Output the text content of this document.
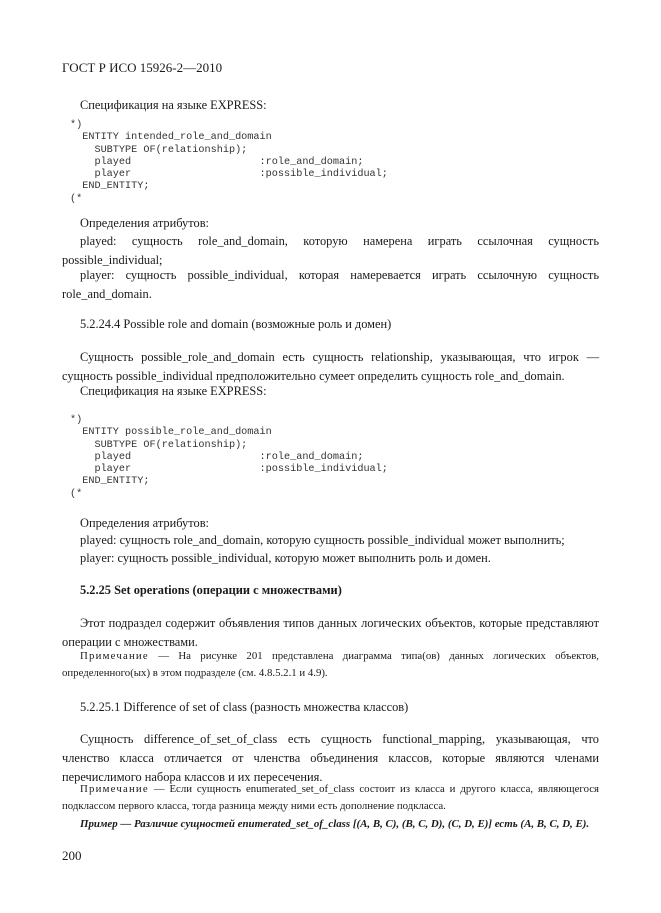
ГОСТ Р ИСО 15926-2—2010
Спецификация на языке EXPRESS:
*)
ENTITY intended_role_and_domain
SUBTYPE OF(relationship);
played                     :role_and_domain;
player                     :possible_individual;
END_ENTITY;
(*
Определения атрибутов:
played: сущность role_and_domain, которую намерена играть ссылочная сущность possible_individual;
player: сущность possible_individual, которая намеревается играть ссылочную сущность role_and_domain.
5.2.24.4 Possible role and domain (возможные роль и домен)
Сущность possible_role_and_domain есть сущность relationship, указывающая, что игрок — сущность possible_individual предположительно сумеет определить сущность role_and_domain.
Спецификация на языке EXPRESS:
*)
ENTITY possible_role_and_domain
SUBTYPE OF(relationship);
played                     :role_and_domain;
player                     :possible_individual;
END_ENTITY;
(*
Определения атрибутов:
played: сущность role_and_domain, которую сущность possible_individual может выполнить;
player: сущность possible_individual, которую может выполнить роль и домен.
5.2.25 Set operations (операции с множествами)
Этот подраздел содержит объявления типов данных логических объектов, которые представляют операции с множествами.
Примечание — На рисунке 201 представлена диаграмма типа(ов) данных логических объектов, определенного(ых) в этом подразделе (см. 4.8.5.2.1 и 4.9).
5.2.25.1 Difference of set of class (разность множества классов)
Сущность difference_of_set_of_class есть сущность functional_mapping, указывающая, что членство класса отличается от членства объединения классов, которые являются членами перечислимого набора классов и их пересечения.
Примечание — Если сущность enumerated_set_of_class состоит из класса и другого класса, являющегося подклассом первого класса, тогда разница между ними есть дополнение подкласса.
Пример — Различие сущностей enumerated_set_of_class [(A, B, C), (B, C, D), (C, D, E)] есть (A, B, C, D, E).
200
